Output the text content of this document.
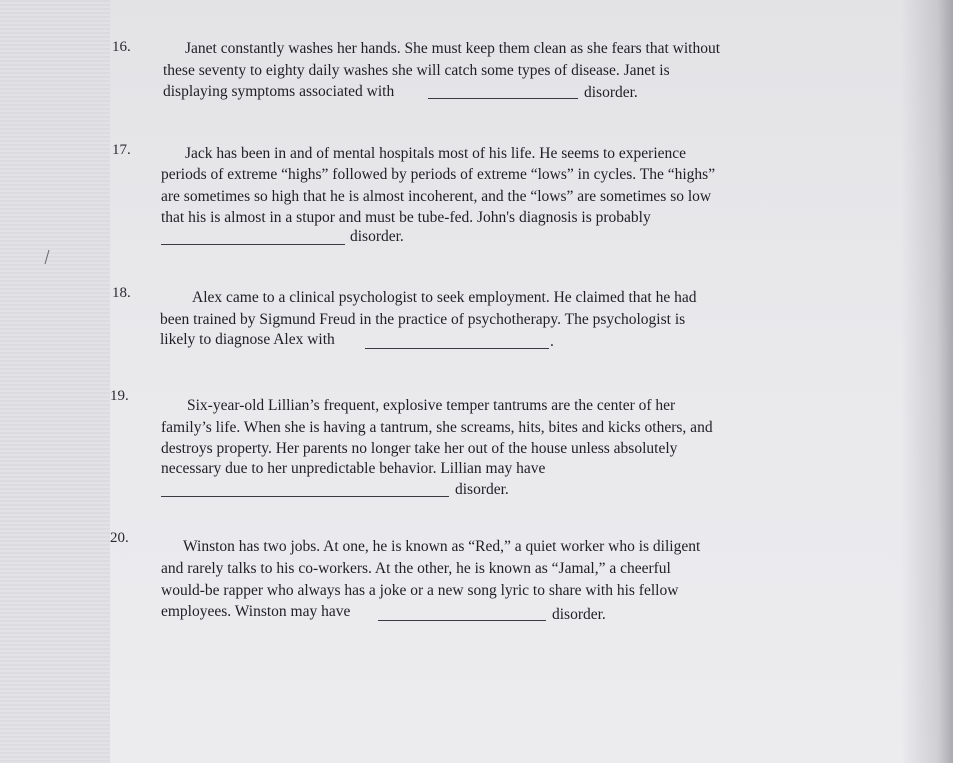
16.	Janet constantly washes her hands. She must keep them clean as she fears that without
these seventy to eighty daily washes she will catch some types of disease. Janet is
displaying symptoms associated with	disorder.
17.	Jack has been in and of mental hospitals most of his life. He seems to experience
periods of extreme “highs” followed by periods of extreme “lows” in cycles. The “highs”
are sometimes so high that he is almost incoherent, and the “lows” are sometimes so low
that his is almost in a stupor and must be tube-fed. John's diagnosis is probably
disorder.
18.	Alex came to a clinical psychologist to seek employment. He claimed that he had
been trained by Sigmund Freud in the practice of psychotherapy. The psychologist is
likely to diagnose Alex with	.
19.
Six-year-old Lillian’s frequent, explosive temper tantrums are the center of her
family’s life. When she is having a tantrum, she screams, hits, bites and kicks others, and
destroys property. Her parents no longer take her out of the house unless absolutely
necessary due to her unpredictable behavior. Lillian may have
disorder.
20.	Winston has two jobs. At one, he is known as “Red,” a quiet worker who is diligent
and rarely talks to his co-workers. At the other, he is known as “Jamal,” a cheerful
would-be rapper who always has a joke or a new song lyric to share with his fellow
employees. Winston may have	disorder.
